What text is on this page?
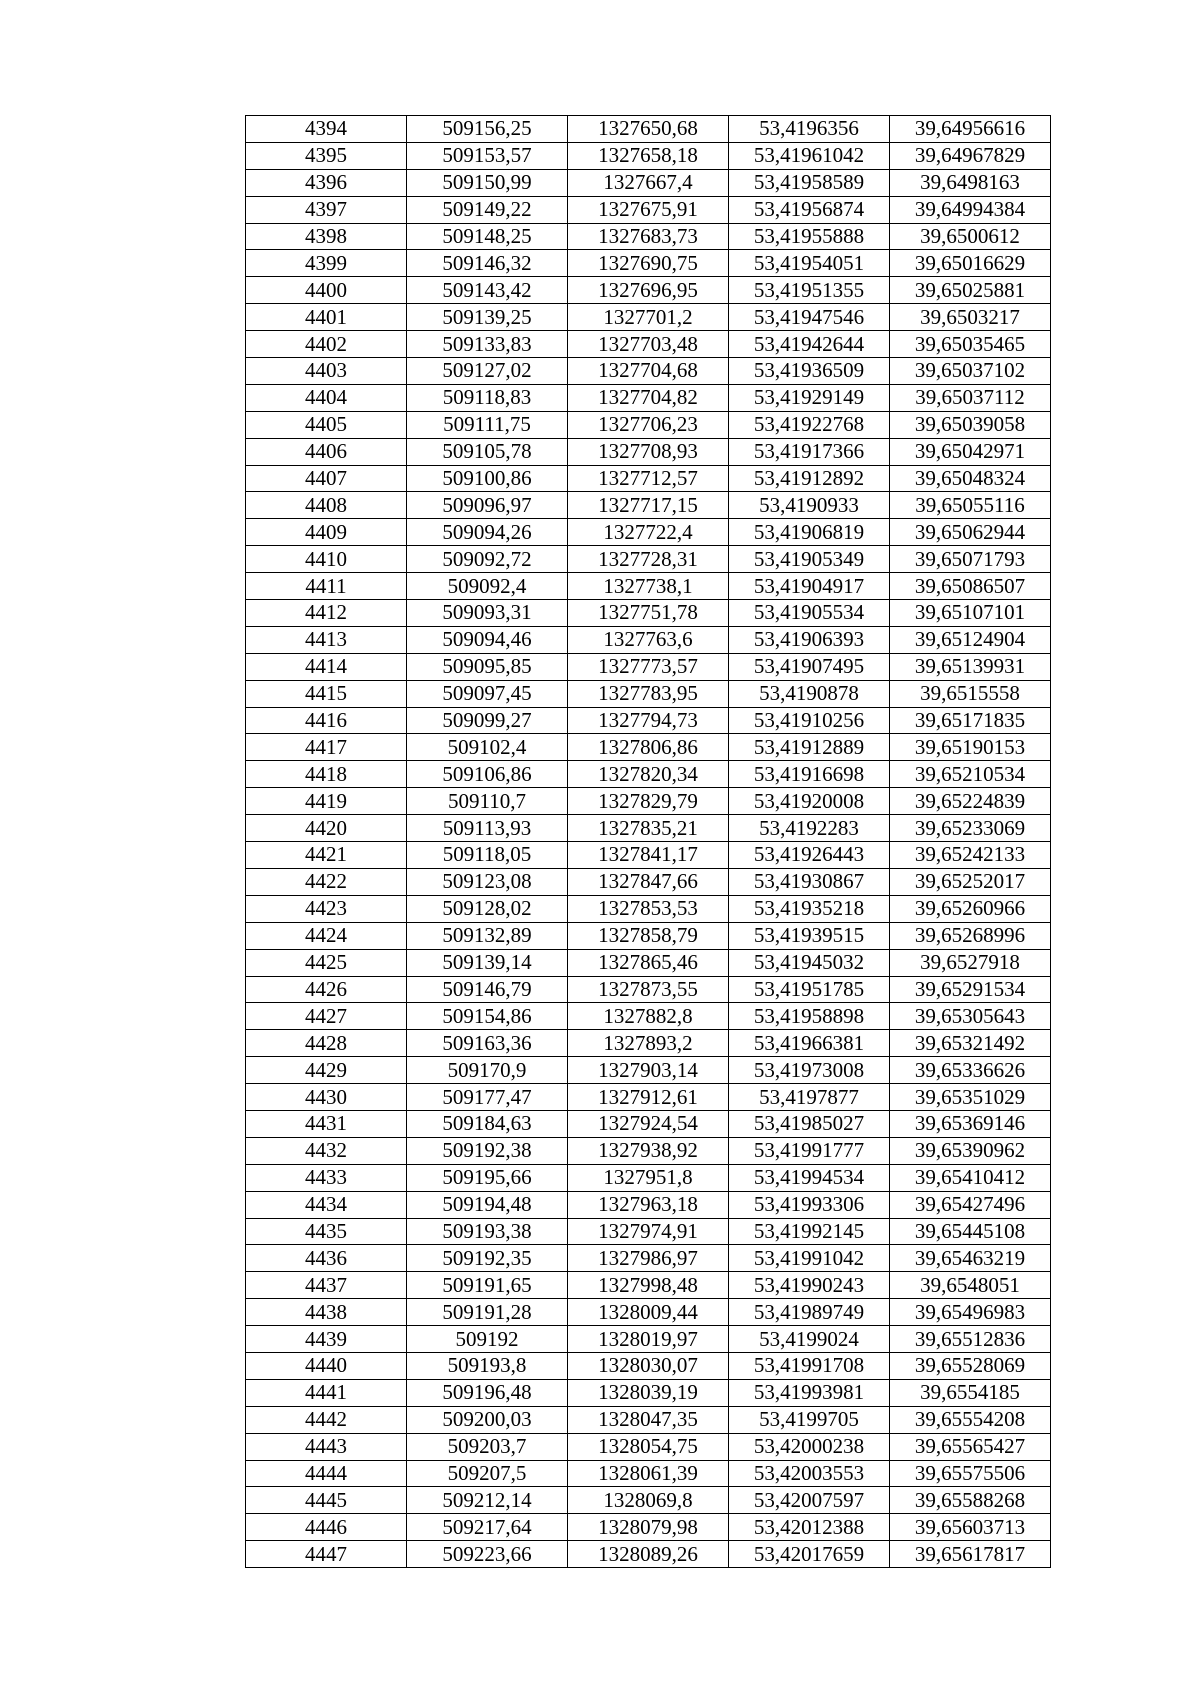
4394	509156,25	1327650,68	53,4196356	39,64956616
4395	509153,57	1327658,18	53,41961042	39,64967829
4396	509150,99	1327667,4	53,41958589	39,6498163
4397	509149,22	1327675,91	53,41956874	39,64994384
4398	509148,25	1327683,73	53,41955888	39,6500612
4399	509146,32	1327690,75	53,41954051	39,65016629
4400	509143,42	1327696,95	53,41951355	39,65025881
4401	509139,25	1327701,2	53,41947546	39,6503217
4402	509133,83	1327703,48	53,41942644	39,65035465
4403	509127,02	1327704,68	53,41936509	39,65037102
4404	509118,83	1327704,82	53,41929149	39,65037112
4405	509111,75	1327706,23	53,41922768	39,65039058
4406	509105,78	1327708,93	53,41917366	39,65042971
4407	509100,86	1327712,57	53,41912892	39,65048324
4408	509096,97	1327717,15	53,4190933	39,65055116
4409	509094,26	1327722,4	53,41906819	39,65062944
4410	509092,72	1327728,31	53,41905349	39,65071793
4411	509092,4	1327738,1	53,41904917	39,65086507
4412	509093,31	1327751,78	53,41905534	39,65107101
4413	509094,46	1327763,6	53,41906393	39,65124904
4414	509095,85	1327773,57	53,41907495	39,65139931
4415	509097,45	1327783,95	53,4190878	39,6515558
4416	509099,27	1327794,73	53,41910256	39,65171835
4417	509102,4	1327806,86	53,41912889	39,65190153
4418	509106,86	1327820,34	53,41916698	39,65210534
4419	509110,7	1327829,79	53,41920008	39,65224839
4420	509113,93	1327835,21	53,4192283	39,65233069
4421	509118,05	1327841,17	53,41926443	39,65242133
4422	509123,08	1327847,66	53,41930867	39,65252017
4423	509128,02	1327853,53	53,41935218	39,65260966
4424	509132,89	1327858,79	53,41939515	39,65268996
4425	509139,14	1327865,46	53,41945032	39,6527918
4426	509146,79	1327873,55	53,41951785	39,65291534
4427	509154,86	1327882,8	53,41958898	39,65305643
4428	509163,36	1327893,2	53,41966381	39,65321492
4429	509170,9	1327903,14	53,41973008	39,65336626
4430	509177,47	1327912,61	53,4197877	39,65351029
4431	509184,63	1327924,54	53,41985027	39,65369146
4432	509192,38	1327938,92	53,41991777	39,65390962
4433	509195,66	1327951,8	53,41994534	39,65410412
4434	509194,48	1327963,18	53,41993306	39,65427496
4435	509193,38	1327974,91	53,41992145	39,65445108
4436	509192,35	1327986,97	53,41991042	39,65463219
4437	509191,65	1327998,48	53,41990243	39,6548051
4438	509191,28	1328009,44	53,41989749	39,65496983
4439	509192	1328019,97	53,4199024	39,65512836
4440	509193,8	1328030,07	53,41991708	39,65528069
4441	509196,48	1328039,19	53,41993981	39,6554185
4442	509200,03	1328047,35	53,4199705	39,65554208
4443	509203,7	1328054,75	53,42000238	39,65565427
4444	509207,5	1328061,39	53,42003553	39,65575506
4445	509212,14	1328069,8	53,42007597	39,65588268
4446	509217,64	1328079,98	53,42012388	39,65603713
4447	509223,66	1328089,26	53,42017659	39,65617817
